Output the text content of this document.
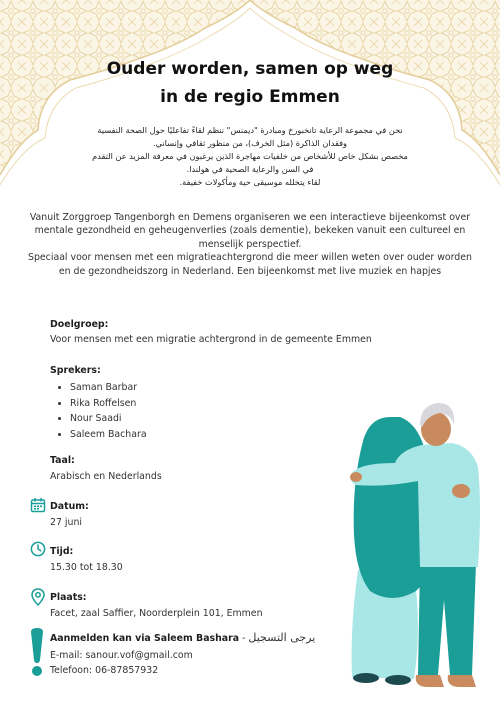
Ouder worden, samen op weg
in de regio Emmen
نحن في مجموعة الرعاية تانخبورخ ومبادرة "ديمنس" ننظم لقاءً تفاعليًا حول الصحة النفسية
وفقدان الذاكرة (مثل الخرف)، من منظور ثقافي وإنساني.
مخصص بشكل خاص للأشخاص من خلفيات مهاجرة الذين يرغبون في معرفة المزيد عن التقدم
في السن والرعاية الصحية في هولندا.
لقاء يتخلله موسيقى حية ومأكولات خفيفة.
Vanuit Zorggroep Tangenborgh en Demens organiseren we een interactieve bijeenkomst over
mentale gezondheid en geheugenverlies (zoals dementie), bekeken vanuit een cultureel en
menselijk perspectief.
Speciaal voor mensen met een migratieachtergrond die meer willen weten over ouder worden
en de gezondheidszorg in Nederland. Een bijeenkomst met live muziek en hapjes
Doelgroep:
Voor mensen met een migratie achtergrond in de gemeente Emmen
Sprekers:
• Saman Barbar
• Rika Roffelsen
• Nour Saadi
• Saleem Bachara
Taal:
Arabisch en Nederlands
Datum:
27 juni
Tijd:
15.30 tot 18.30
Plaats:
Facet, zaal Saffier, Noorderplein 101, Emmen
Aanmelden kan via Saleem Bashara - يرجى التسجيل
E-mail: sanour.vof@gmail.com
Telefoon: 06-87857932
